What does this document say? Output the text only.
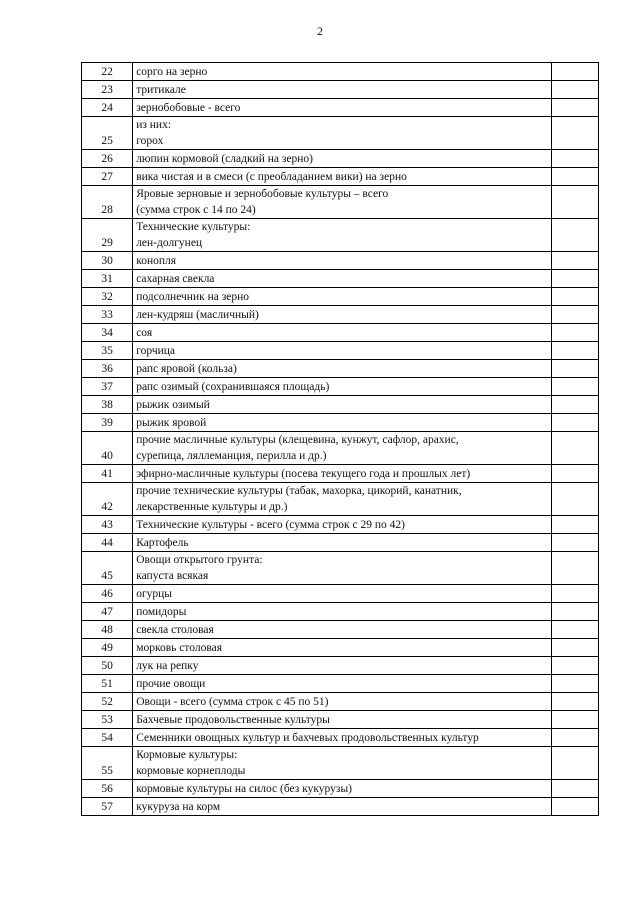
2
22	сорго на зерно	

23	тритикале	

24	зернобобовые - всего	

25	из них:
горох	

26	люпин кормовой (сладкий на зерно)	

27	вика чистая и в смеси (с преобладанием вики) на зерно	

28	Яровые зерновые и зернобобовые культуры – всего
(сумма строк с 14 по 24)	

29	Технические культуры:
лен-долгунец	

30	конопля	

31	сахарная свекла	

32	подсолнечник на зерно	

33	лен-кудряш (масличный)	

34	соя	

35	горчица	

36	рапс яровой (кольза)	

37	рапс озимый (сохранившаяся площадь)	

38	рыжик озимый	

39	рыжик яровой	

40	прочие масличные культуры (клещевина, кунжут, сафлор, арахис,
сурепица, ляллеманция, перилла и др.)	

41	эфирно-масличные культуры (посева текущего года и прошлых лет)	

42	прочие технические культуры (табак, махорка, цикорий, канатник,
лекарственные культуры и др.)	

43	Технические культуры - всего (сумма строк с 29 по 42)	

44	Картофель	

45	Овощи открытого грунта:
капуста всякая	

46	огурцы	

47	помидоры	

48	свекла столовая	

49	морковь столовая	

50	лук на репку	

51	прочие овощи	

52	Овощи - всего (сумма строк с 45 по 51)	

53	Бахчевые продовольственные культуры	

54	Семенники овощных культур и бахчевых продовольственных культур	

55	Кормовые культуры:
кормовые корнеплоды	

56	кормовые культуры на силос (без кукурузы)	

57	кукуруза на корм	
